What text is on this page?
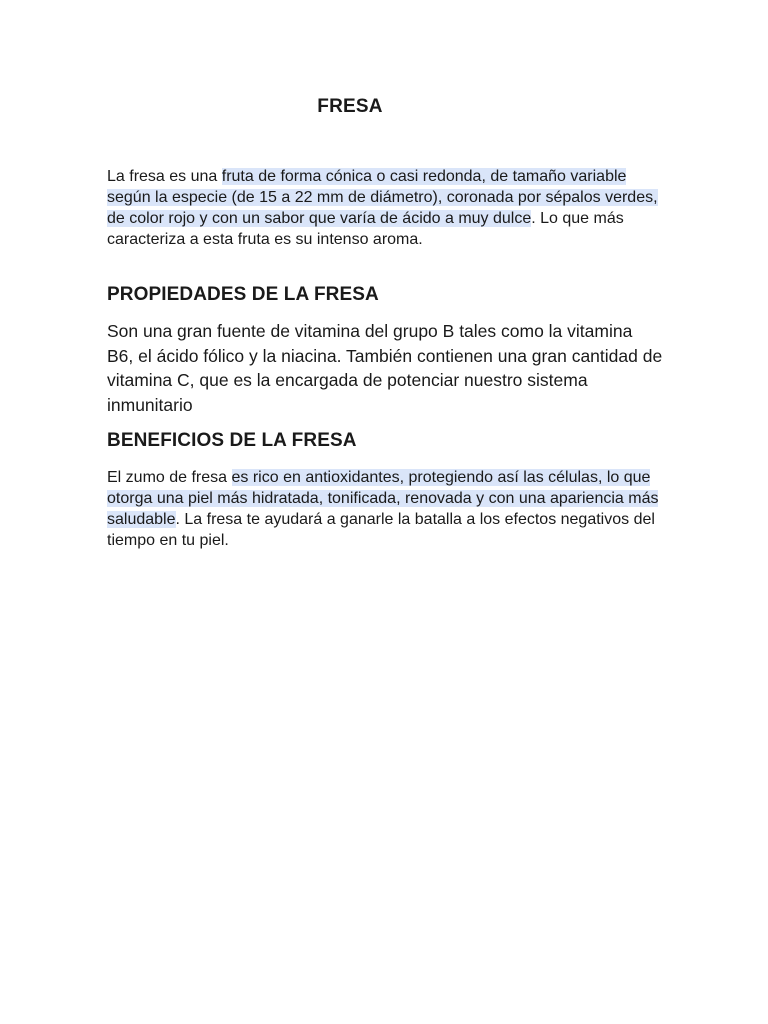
FRESA

La fresa es una fruta de forma cónica o casi redonda, de tamaño variable según la especie (de 15 a 22 mm de diámetro), coronada por sépalos verdes, de color rojo y con un sabor que varía de ácido a muy dulce. Lo que más caracteriza a esta fruta es su intenso aroma.

PROPIEDADES DE LA FRESA

Son una gran fuente de vitamina del grupo B tales como la vitamina B6, el ácido fólico y la niacina. También contienen una gran cantidad de vitamina C, que es la encargada de potenciar nuestro sistema inmunitario

BENEFICIOS DE LA FRESA

El zumo de fresa es rico en antioxidantes, protegiendo así las células, lo que otorga una piel más hidratada, tonificada, renovada y con una apariencia más saludable. La fresa te ayudará a ganarle la batalla a los efectos negativos del tiempo en tu piel.
